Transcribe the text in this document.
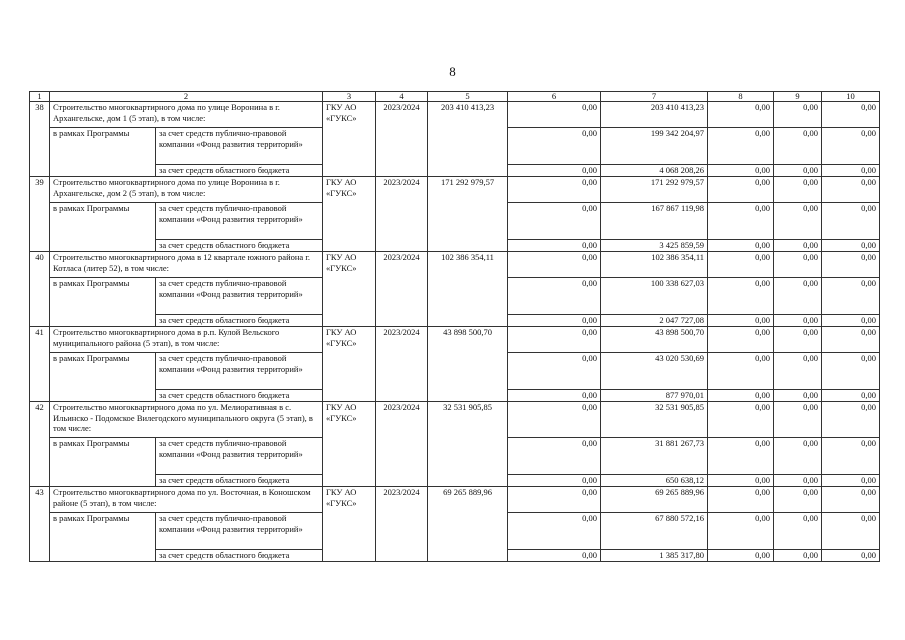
8
1	2		3	4	5	6	7	8	9	10	
38	Строительство многоквартирного дома по улице Воронина в г. Архангельске, дом 1 (5 этап), в том числе:		ГКУ АО «ГУКС»	2023/2024	203 410 413,23	0,00	203 410 413,23	0,00	0,00	0,00	
	в рамках Программы	за счет средств публично-правовой компании «Фонд развития территорий»				0,00	199 342 204,97	0,00	0,00	0,00	
		за счет средств областного бюджета				0,00	4 068 208,26	0,00	0,00	0,00	
39	Строительство многоквартирного дома по улице Воронина в г. Архангельске, дом 2 (5 этап), в том числе:		ГКУ АО «ГУКС»	2023/2024	171 292 979,57	0,00	171 292 979,57	0,00	0,00	0,00	
	в рамках Программы	за счет средств публично-правовой компании «Фонд развития территорий»				0,00	167 867 119,98	0,00	0,00	0,00	
		за счет средств областного бюджета				0,00	3 425 859,59	0,00	0,00	0,00	
40	Строительство многоквартирного дома в 12 квартале южного района г. Котласа (литер 52), в том числе:		ГКУ АО «ГУКС»	2023/2024	102 386 354,11	0,00	102 386 354,11	0,00	0,00	0,00	
	в рамках Программы	за счет средств публично-правовой компании «Фонд развития территорий»				0,00	100 338 627,03	0,00	0,00	0,00	
		за счет средств областного бюджета				0,00	2 047 727,08	0,00	0,00	0,00	
41	Строительство многоквартирного дома в р.п. Кулой Вельского муниципального района (5 этап), в том числе:		ГКУ АО «ГУКС»	2023/2024	43 898 500,70	0,00	43 898 500,70	0,00	0,00	0,00	
	в рамках Программы	за счет средств публично-правовой компании «Фонд развития территорий»				0,00	43 020 530,69	0,00	0,00	0,00	
		за счет средств областного бюджета				0,00	877 970,01	0,00	0,00	0,00	
42	Строительство многоквартирного дома по ул. Мелиоративная в с. Ильинско - Подомское Вилегодского муниципального округа (5 этап), в том числе:		ГКУ АО «ГУКС»	2023/2024	32 531 905,85	0,00	32 531 905,85	0,00	0,00	0,00	
	в рамках Программы	за счет средств публично-правовой компании «Фонд развития территорий»				0,00	31 881 267,73	0,00	0,00	0,00	
		за счет средств областного бюджета				0,00	650 638,12	0,00	0,00	0,00	
43	Строительство многоквартирного дома по ул. Восточная, в Коношском районе (5 этап), в том числе:		ГКУ АО «ГУКС»	2023/2024	69 265 889,96	0,00	69 265 889,96	0,00	0,00	0,00	
	в рамках Программы	за счет средств публично-правовой компании «Фонд развития территорий»				0,00	67 880 572,16	0,00	0,00	0,00	
		за счет средств областного бюджета				0,00	1 385 317,80	0,00	0,00	0,00	
